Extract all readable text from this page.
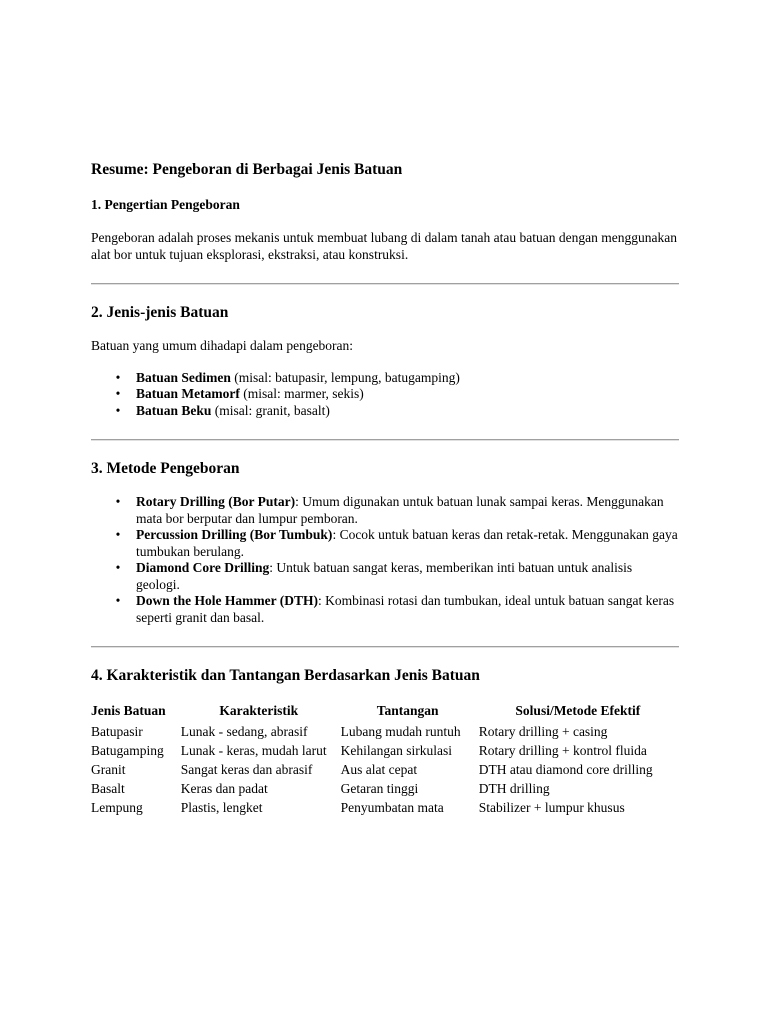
Resume: Pengeboran di Berbagai Jenis Batuan
1. Pengertian Pengeboran

Pengeboran adalah proses mekanis untuk membuat lubang di dalam tanah atau batuan dengan menggunakan alat bor untuk tujuan eksplorasi, ekstraksi, atau konstruksi.

2. Jenis-jenis Batuan

Batuan yang umum dihadapi dalam pengeboran:

• Batuan Sedimen (misal: batupasir, lempung, batugamping)
• Batuan Metamorf (misal: marmer, sekis)
• Batuan Beku (misal: granit, basalt)
3. Metode Pengeboran
• Rotary Drilling (Bor Putar): Umum digunakan untuk batuan lunak sampai keras. Menggunakan mata bor berputar dan lumpur pemboran.
• Percussion Drilling (Bor Tumbuk): Cocok untuk batuan keras dan retak-retak. Menggunakan gaya tumbukan berulang.
• Diamond Core Drilling: Untuk batuan sangat keras, memberikan inti batuan untuk analisis geologi.
• Down the Hole Hammer (DTH): Kombinasi rotasi dan tumbukan, ideal untuk batuan sangat keras seperti granit dan basal.
4. Karakteristik dan Tantangan Berdasarkan Jenis Batuan
Jenis Batuan	Karakteristik	Tantangan	Solusi/Metode Efektif
Batupasir	Lunak - sedang, abrasif	Lubang mudah runtuh	Rotary drilling + casing
Batugamping	Lunak - keras, mudah larut	Kehilangan sirkulasi	Rotary drilling + kontrol fluida
Granit	Sangat keras dan abrasif	Aus alat cepat	DTH atau diamond core drilling
Basalt	Keras dan padat	Getaran tinggi	DTH drilling
Lempung	Plastis, lengket	Penyumbatan mata	Stabilizer + lumpur khusus
